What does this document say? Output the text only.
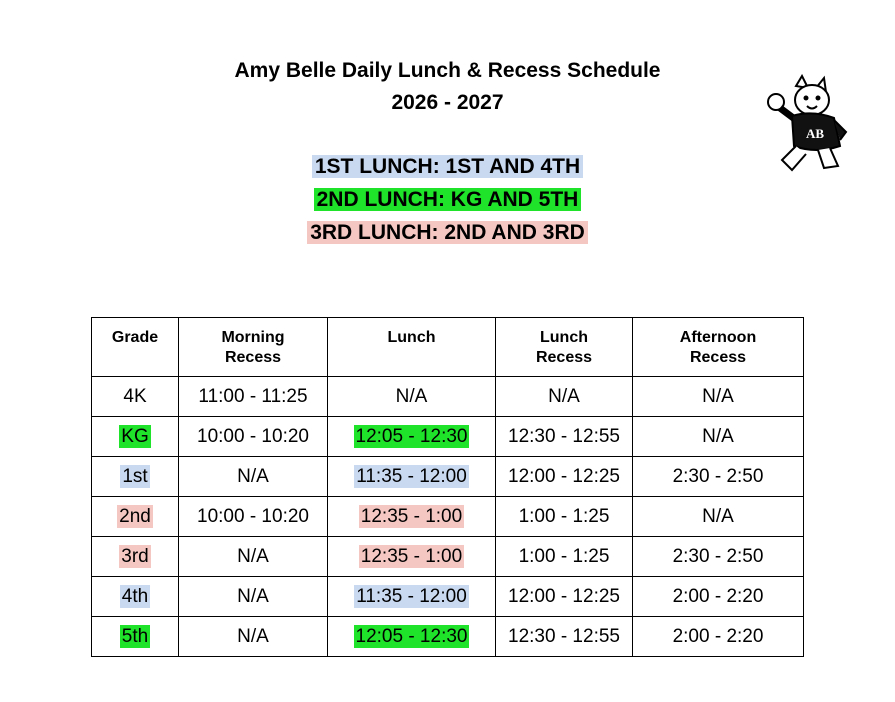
Amy Belle Daily Lunch & Recess Schedule
2026 - 2027
1ST LUNCH: 1ST AND 4TH
2ND LUNCH: KG AND 5TH
3RD LUNCH: 2ND AND 3RD
AB
Grade	Morning Recess	Lunch	Lunch Recess	Afternoon Recess

4K	11:00 - 11:25	N/A	N/A	N/A
KG	10:00 - 10:20	12:05 - 12:30	12:30 - 12:55	N/A
1st	N/A	11:35 - 12:00	12:00 - 12:25	2:30 - 2:50
2nd	10:00 - 10:20	12:35 - 1:00	1:00 - 1:25	N/A
3rd	N/A	12:35 - 1:00	1:00 - 1:25	2:30 - 2:50
4th	N/A	11:35 - 12:00	12:00 - 12:25	2:00 - 2:20
5th	N/A	12:05 - 12:30	12:30 - 12:55	2:00 - 2:20
